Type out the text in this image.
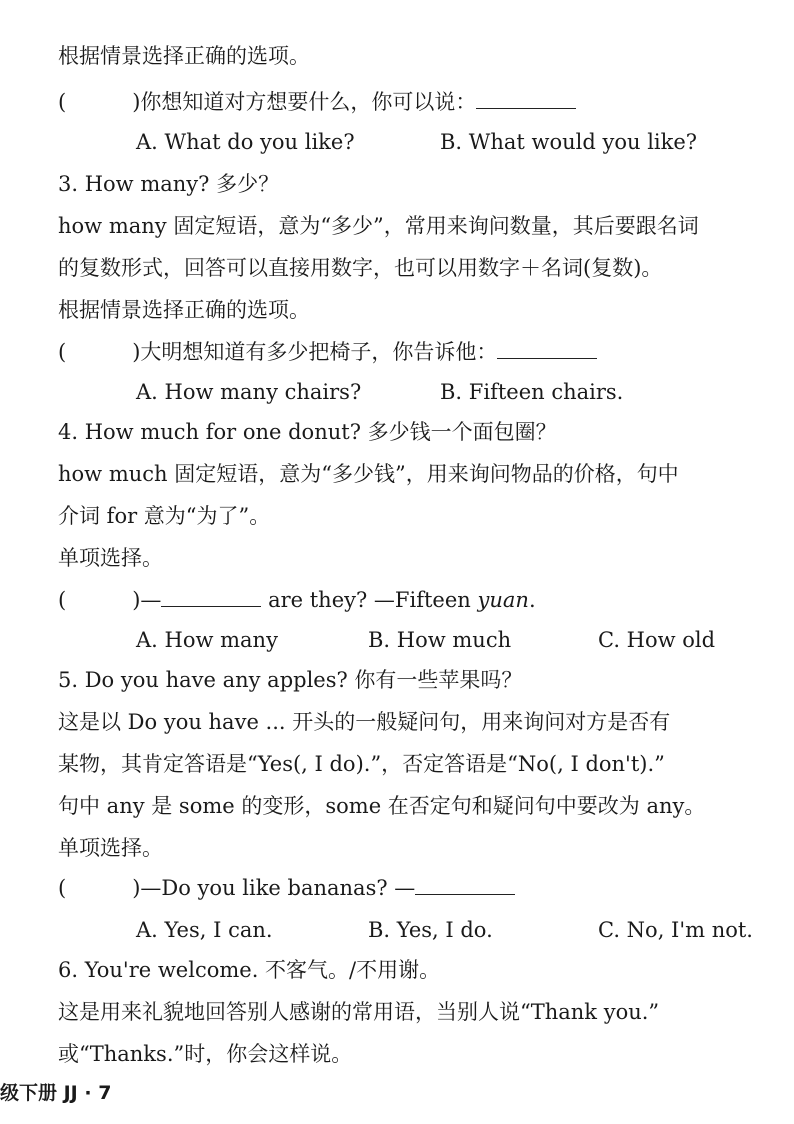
根据情景选择正确的选项。
(	)你想知道对方想要什么，你可以说：
A. What do you like?	B. What would you like?
3. How many? 多少？
how many 固定短语，意为“多少”，常用来询问数量，其后要跟名词
的复数形式，回答可以直接用数字，也可以用数字＋名词(复数)。
根据情景选择正确的选项。
(	)大明想知道有多少把椅子，你告诉他：
A. How many chairs?	B. Fifteen chairs.
4. How much for one donut? 多少钱一个面包圈？
how much 固定短语，意为“多少钱”，用来询问物品的价格，句中
介词 for 意为“为了”。
单项选择。
(	)—	are they? —Fifteen yuan.
A. How many	B. How much	C. How old
5. Do you have any apples? 你有一些苹果吗？
这是以 Do you have ... 开头的一般疑问句，用来询问对方是否有
某物，其肯定答语是“Yes(, I do).”，否定答语是“No(, I don't).”
句中 any 是 some 的变形，some 在否定句和疑问句中要改为 any。
单项选择。
(	)—Do you like bananas? —
A. Yes, I can.	B. Yes, I do.	C. No, I'm not.
6. You're welcome. 不客气。/不用谢。
这是用来礼貌地回答别人感谢的常用语，当别人说“Thank you.”
或“Thanks.”时，你会这样说。
级下册 JJ · 7
